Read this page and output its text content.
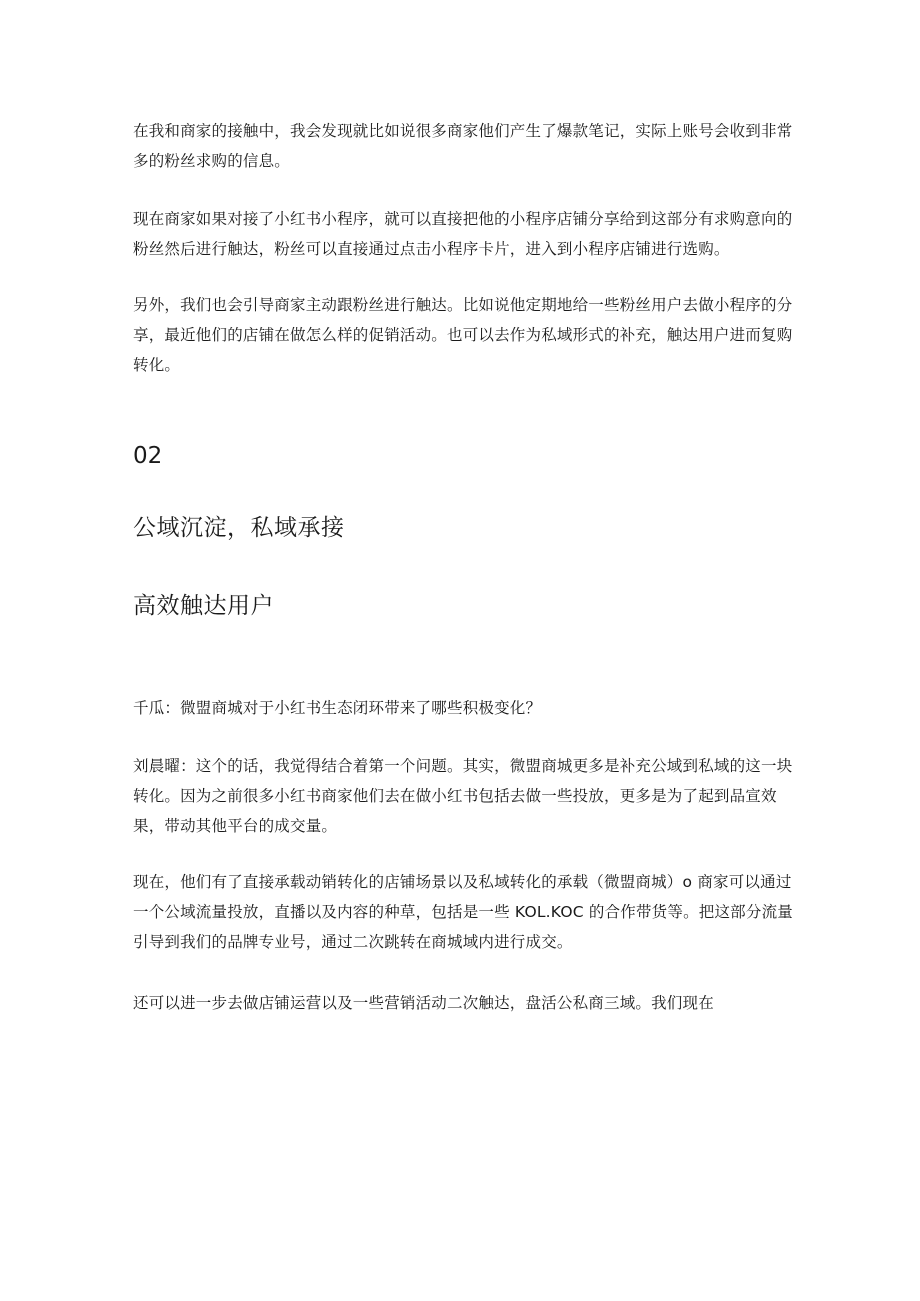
在我和商家的接触中，我会发现就比如说很多商家他们产生了爆款笔记，实际上账号会收到非常多的粉丝求购的信息。

现在商家如果对接了小红书小程序，就可以直接把他的小程序店铺分享给到这部分有求购意向的粉丝然后进行触达，粉丝可以直接通过点击小程序卡片，进入到小程序店铺进行选购。

另外，我们也会引导商家主动跟粉丝进行触达。比如说他定期地给一些粉丝用户去做小程序的分享，最近他们的店铺在做怎么样的促销活动。也可以去作为私域形式的补充，触达用户进而复购转化。

02
公域沉淀，私域承接
高效触达用户

千瓜：微盟商城对于小红书生态闭环带来了哪些积极变化？

刘晨曜：这个的话，我觉得结合着第一个问题。其实，微盟商城更多是补充公域到私域的这一块转化。因为之前很多小红书商家他们去在做小红书包括去做一些投放，更多是为了起到品宣效果，带动其他平台的成交量。

现在，他们有了直接承载动销转化的店铺场景以及私域转化的承载（微盟商城）o 商家可以通过一个公域流量投放，直播以及内容的种草，包括是一些 KOL.KOC 的合作带货等。把这部分流量引导到我们的品牌专业号，通过二次跳转在商城域内进行成交。

还可以进一步去做店铺运营以及一些营销活动二次触达，盘活公私商三域。我们现在
